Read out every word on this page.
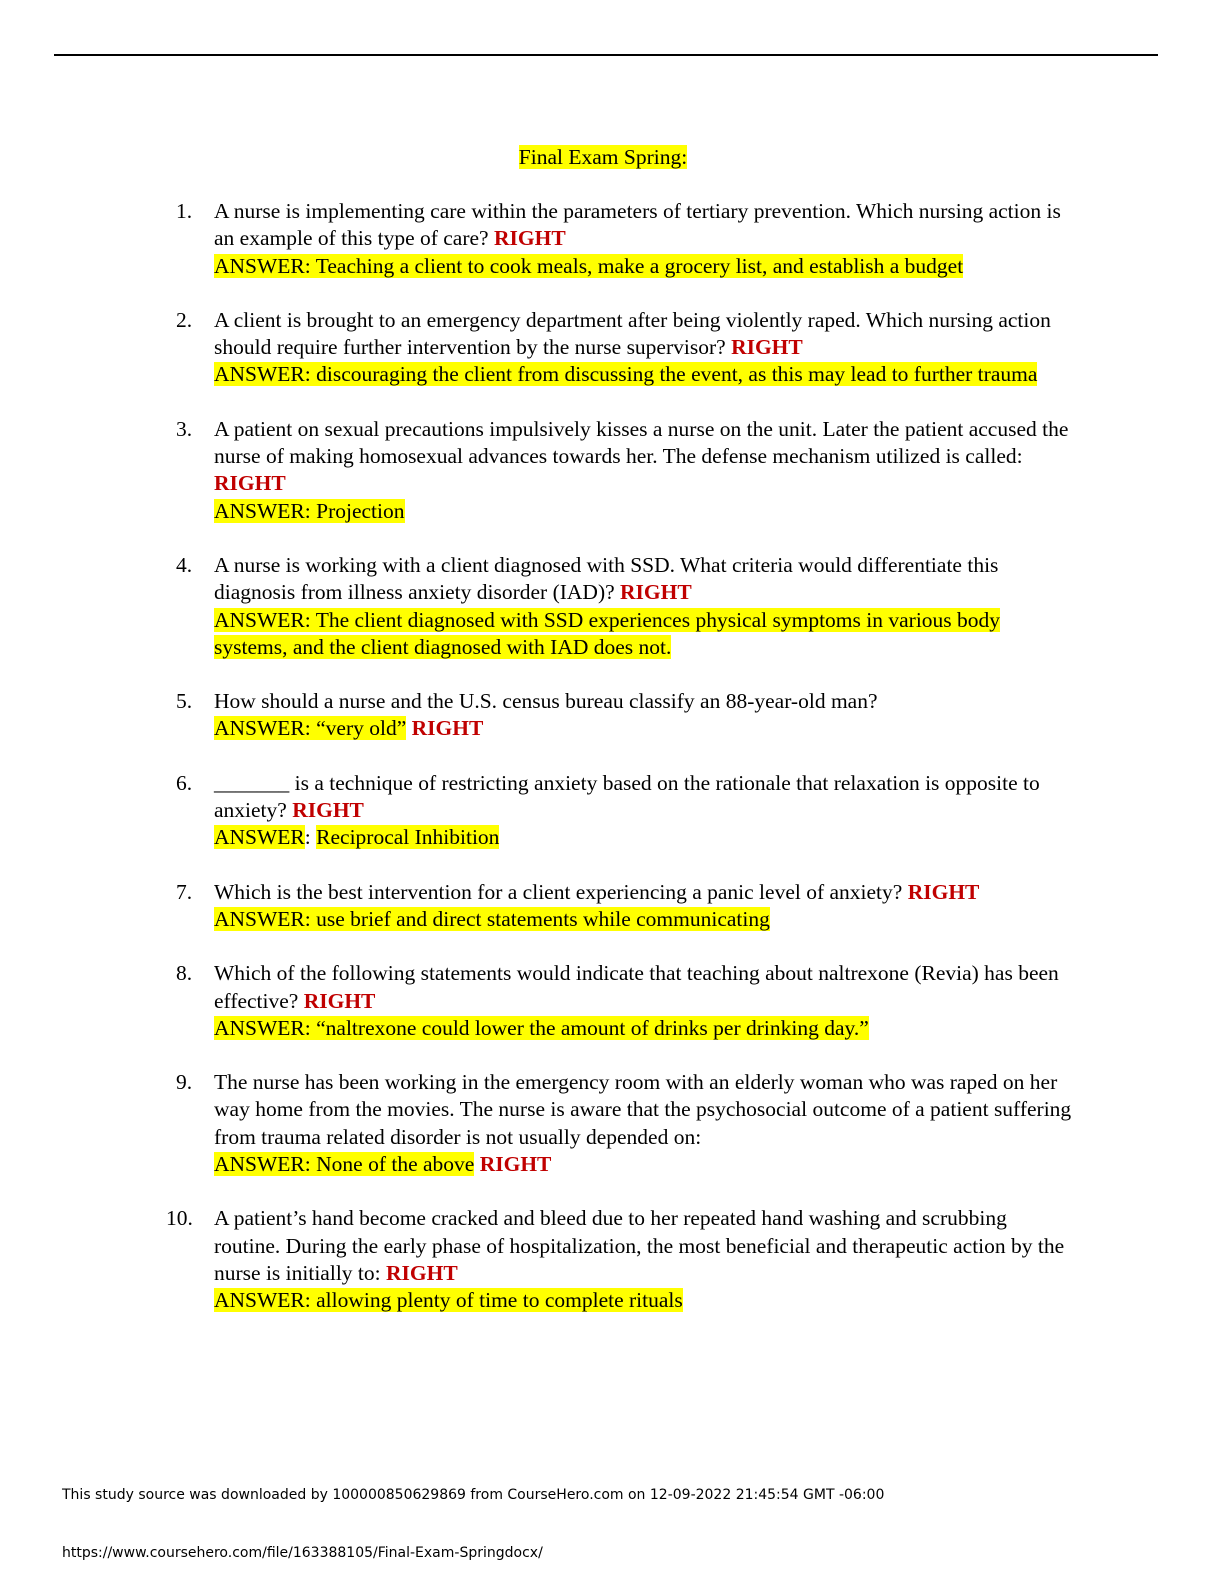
Final Exam Spring:
1.	A nurse is implementing care within the parameters of tertiary prevention. Which nursing action is an example of this type of care? RIGHT
ANSWER: Teaching a client to cook meals, make a grocery list, and establish a budget
2.	A client is brought to an emergency department after being violently raped. Which nursing action should require further intervention by the nurse supervisor? RIGHT
ANSWER: discouraging the client from discussing the event, as this may lead to further trauma
3.	A patient on sexual precautions impulsively kisses a nurse on the unit. Later the patient accused the nurse of making homosexual advances towards her. The defense mechanism utilized is called: RIGHT
ANSWER: Projection
4.	A nurse is working with a client diagnosed with SSD. What criteria would differentiate this diagnosis from illness anxiety disorder (IAD)? RIGHT
ANSWER: The client diagnosed with SSD experiences physical symptoms in various body systems, and the client diagnosed with IAD does not.
5.	How should a nurse and the U.S. census bureau classify an 88-year-old man?
ANSWER: “very old” RIGHT
6.	_______ is a technique of restricting anxiety based on the rationale that relaxation is opposite to anxiety? RIGHT
ANSWER: Reciprocal Inhibition
7.	Which is the best intervention for a client experiencing a panic level of anxiety? RIGHT
ANSWER: use brief and direct statements while communicating
8.	Which of the following statements would indicate that teaching about naltrexone (Revia) has been effective? RIGHT
ANSWER: “naltrexone could lower the amount of drinks per drinking day.”
9.	The nurse has been working in the emergency room with an elderly woman who was raped on her way home from the movies. The nurse is aware that the psychosocial outcome of a patient suffering from trauma related disorder is not usually depended on:
ANSWER: None of the above RIGHT
10. A patient’s hand become cracked and bleed due to her repeated hand washing and scrubbing routine. During the early phase of hospitalization, the most beneficial and therapeutic action by the nurse is initially to: RIGHT
ANSWER: allowing plenty of time to complete rituals
This study source was downloaded by 100000850629869 from CourseHero.com on 12-09-2022 21:45:54 GMT -06:00
https://www.coursehero.com/file/163388105/Final-Exam-Springdocx/
